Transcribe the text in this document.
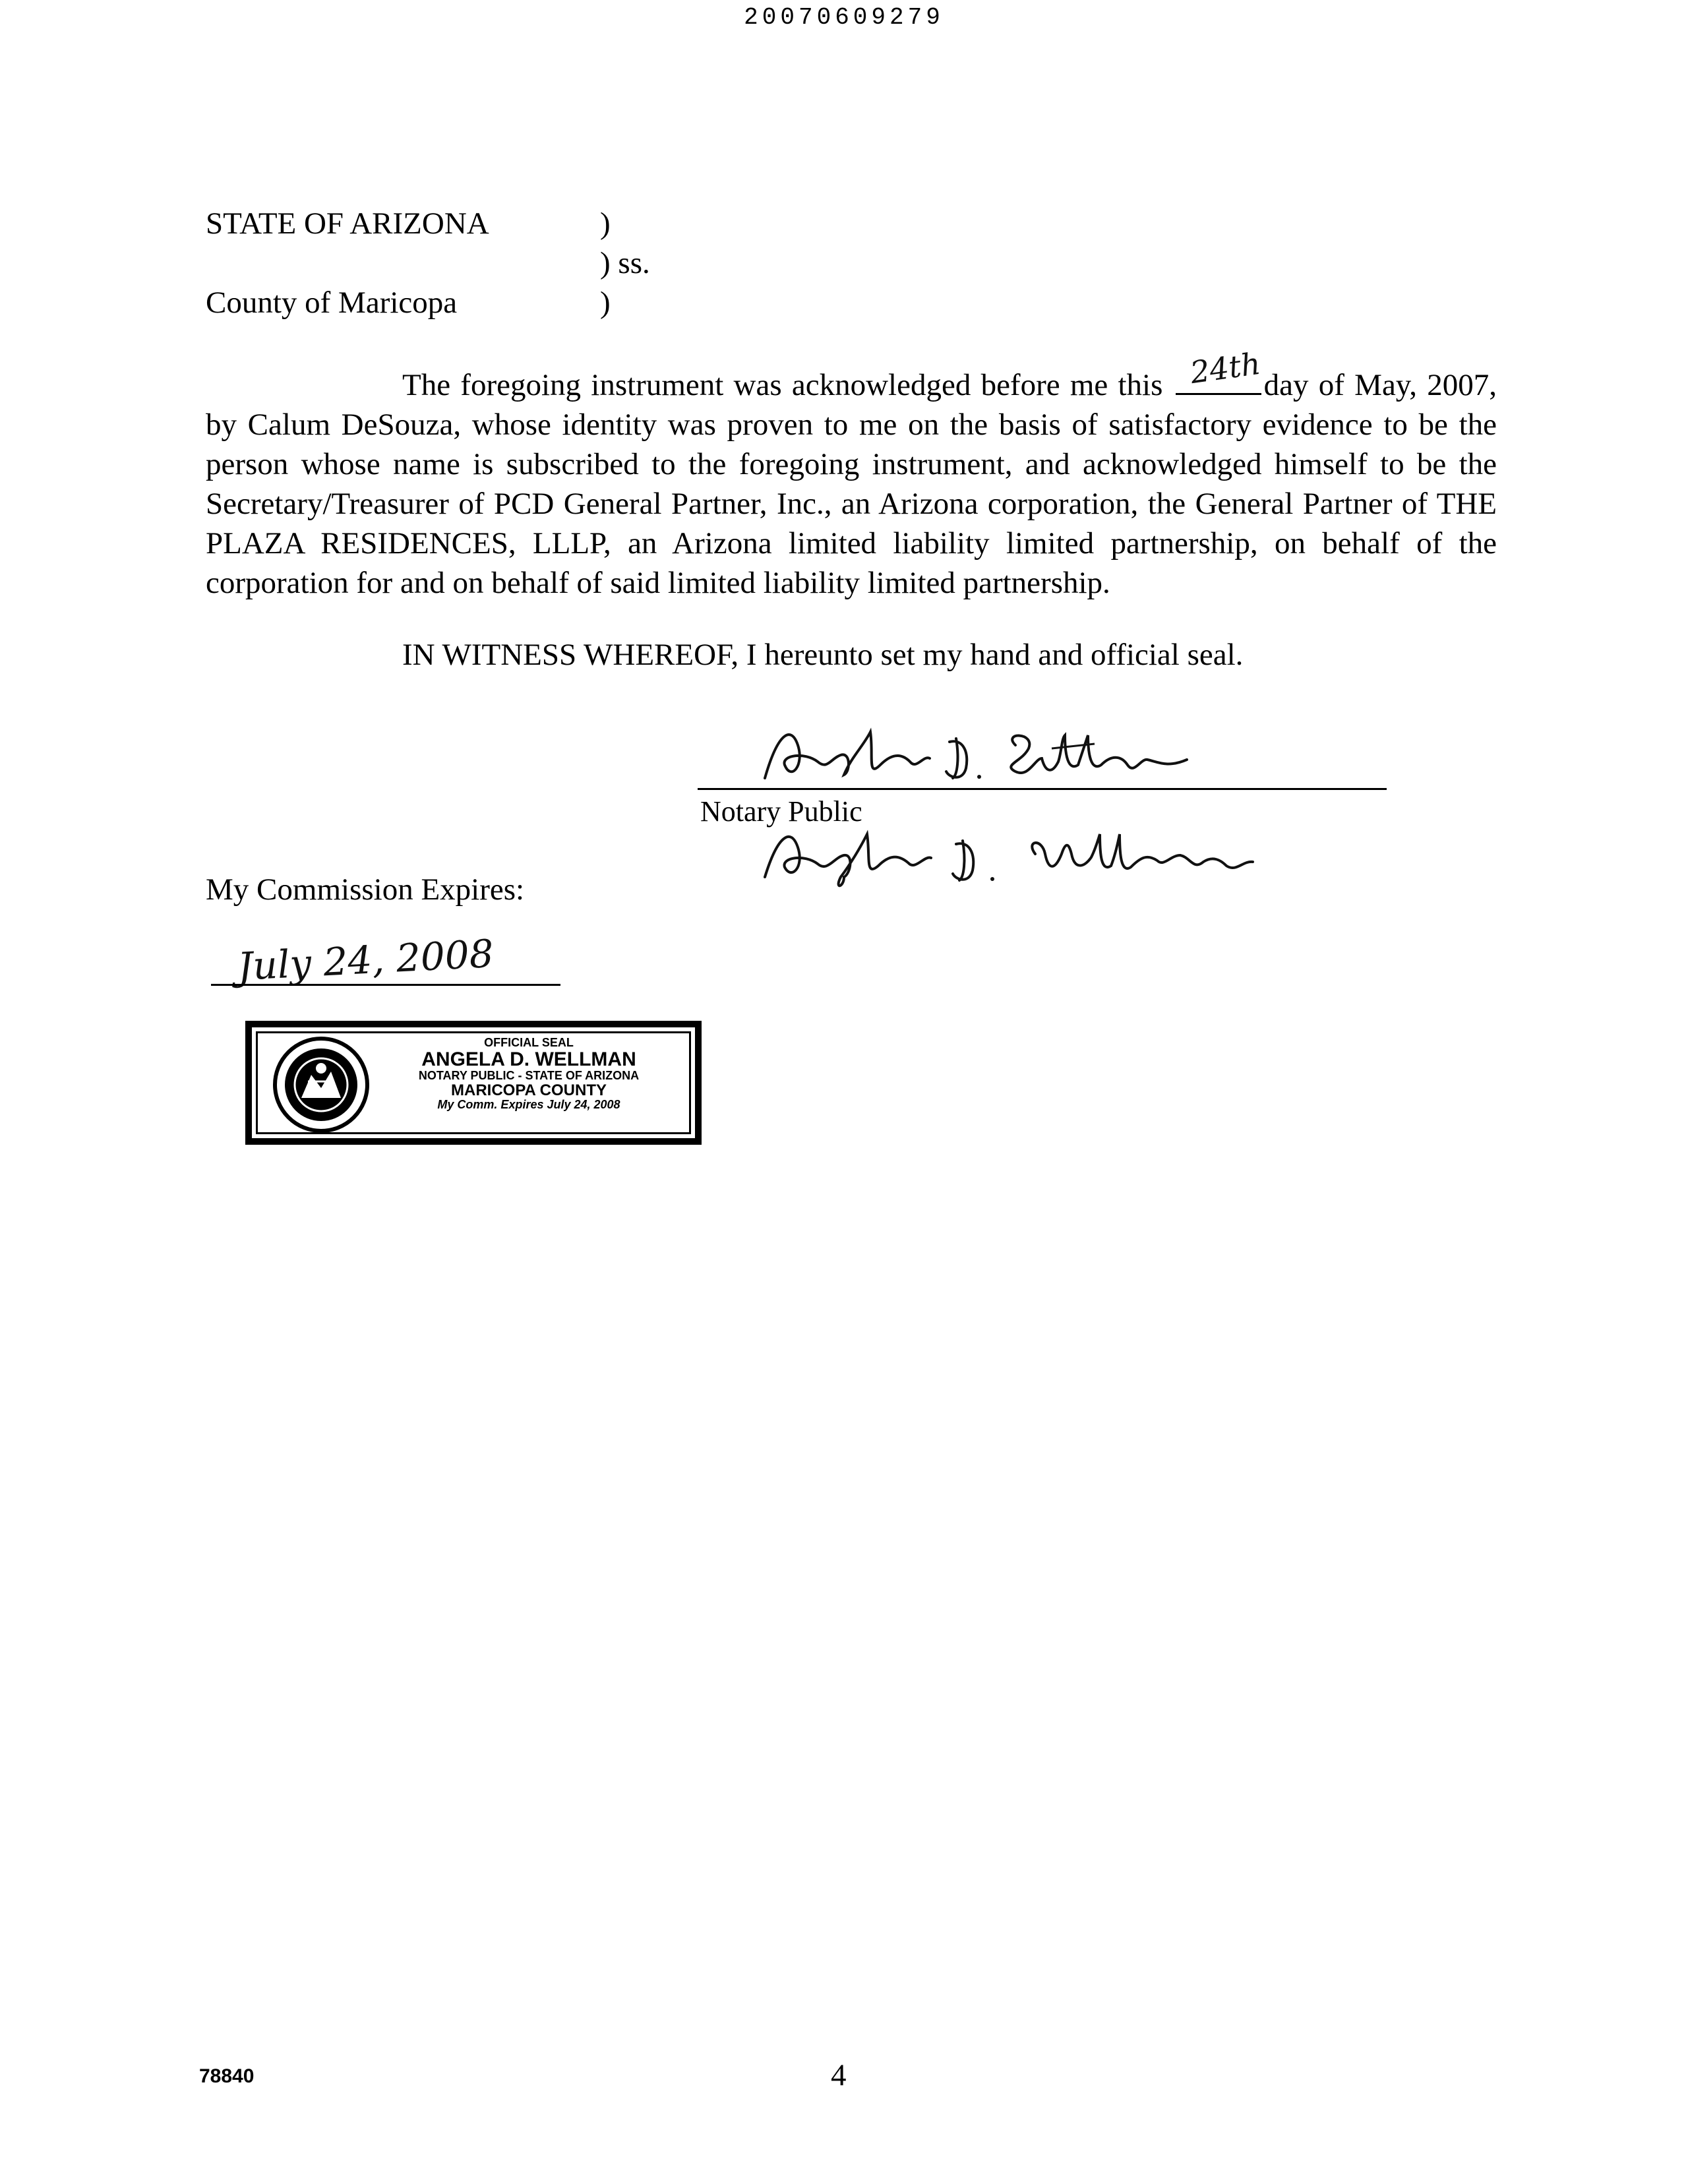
20070609279
STATE OF ARIZONA
County of Maricopa
)
) ss.
)

The foregoing instrument was acknowledged before me this 24th day of May, 2007, by Calum DeSouza, whose identity was proven to me on the basis of satisfactory evidence to be the person whose name is subscribed to the foregoing instrument, and acknowledged himself to be the Secretary/Treasurer of PCD General Partner, Inc., an Arizona corporation, the General Partner of THE PLAZA RESIDENCES, LLLP, an Arizona limited liability limited partnership, on behalf of the corporation for and on behalf of said limited liability limited partnership.

IN WITNESS WHEREOF, I hereunto set my hand and official seal.
Notary Public
My Commission Expires:
July 24, 2008
OFFICIAL SEAL
ANGELA D. WELLMAN
NOTARY PUBLIC - STATE OF ARIZONA
MARICOPA COUNTY
My Comm. Expires July 24, 2008
78840	4
